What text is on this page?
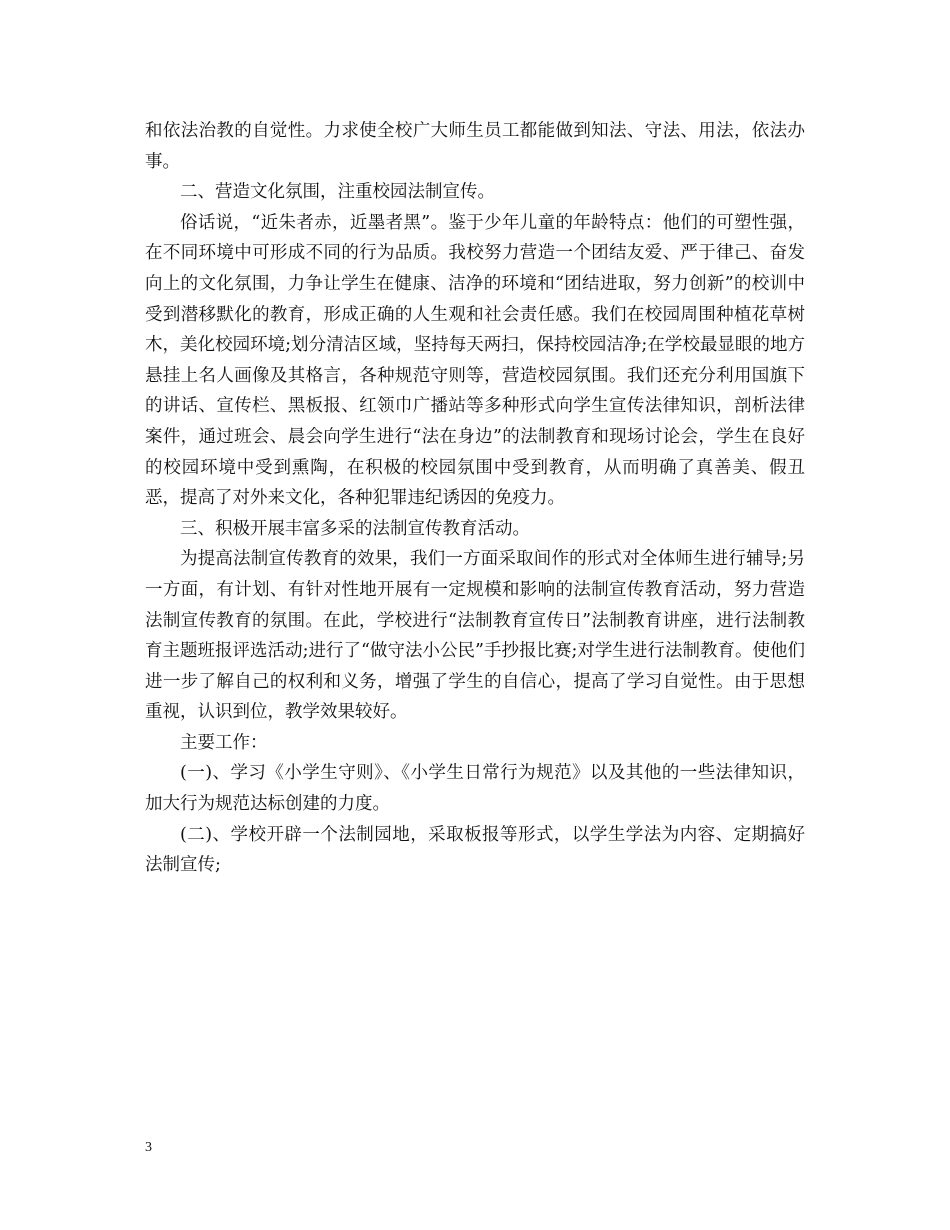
和依法治教的自觉性。力求使全校广大师生员工都能做到知法、守法、用法，依法办事。

二、营造文化氛围，注重校园法制宣传。

俗话说，“近朱者赤，近墨者黑”。鉴于少年儿童的年龄特点：他们的可塑性强，在不同环境中可形成不同的行为品质。我校努力营造一个团结友爱、严于律己、奋发向上的文化氛围，力争让学生在健康、洁净的环境和“团结进取，努力创新”的校训中受到潜移默化的教育，形成正确的人生观和社会责任感。我们在校园周围种植花草树木，美化校园环境;划分清洁区域，坚持每天两扫，保持校园洁净;在学校最显眼的地方悬挂上名人画像及其格言，各种规范守则等，营造校园氛围。我们还充分利用国旗下的讲话、宣传栏、黑板报、红领巾广播站等多种形式向学生宣传法律知识，剖析法律案件，通过班会、晨会向学生进行“法在身边”的法制教育和现场讨论会，学生在良好的校园环境中受到熏陶，在积极的校园氛围中受到教育，从而明确了真善美、假丑恶，提高了对外来文化，各种犯罪违纪诱因的免疫力。

三、积极开展丰富多采的法制宣传教育活动。

为提高法制宣传教育的效果，我们一方面采取间作的形式对全体师生进行辅导;另一方面，有计划、有针对性地开展有一定规模和影响的法制宣传教育活动，努力营造法制宣传教育的氛围。在此，学校进行“法制教育宣传日”法制教育讲座，进行法制教育主题班报评选活动;进行了“做守法小公民”手抄报比赛;对学生进行法制教育。使他们进一步了解自己的权利和义务，增强了学生的自信心，提高了学习自觉性。由于思想重视，认识到位，教学效果较好。

主要工作：

(一)、学习《小学生守则》、《小学生日常行为规范》以及其他的一些法律知识，加大行为规范达标创建的力度。

(二)、学校开辟一个法制园地，采取板报等形式，以学生学法为内容、定期搞好法制宣传;

3
